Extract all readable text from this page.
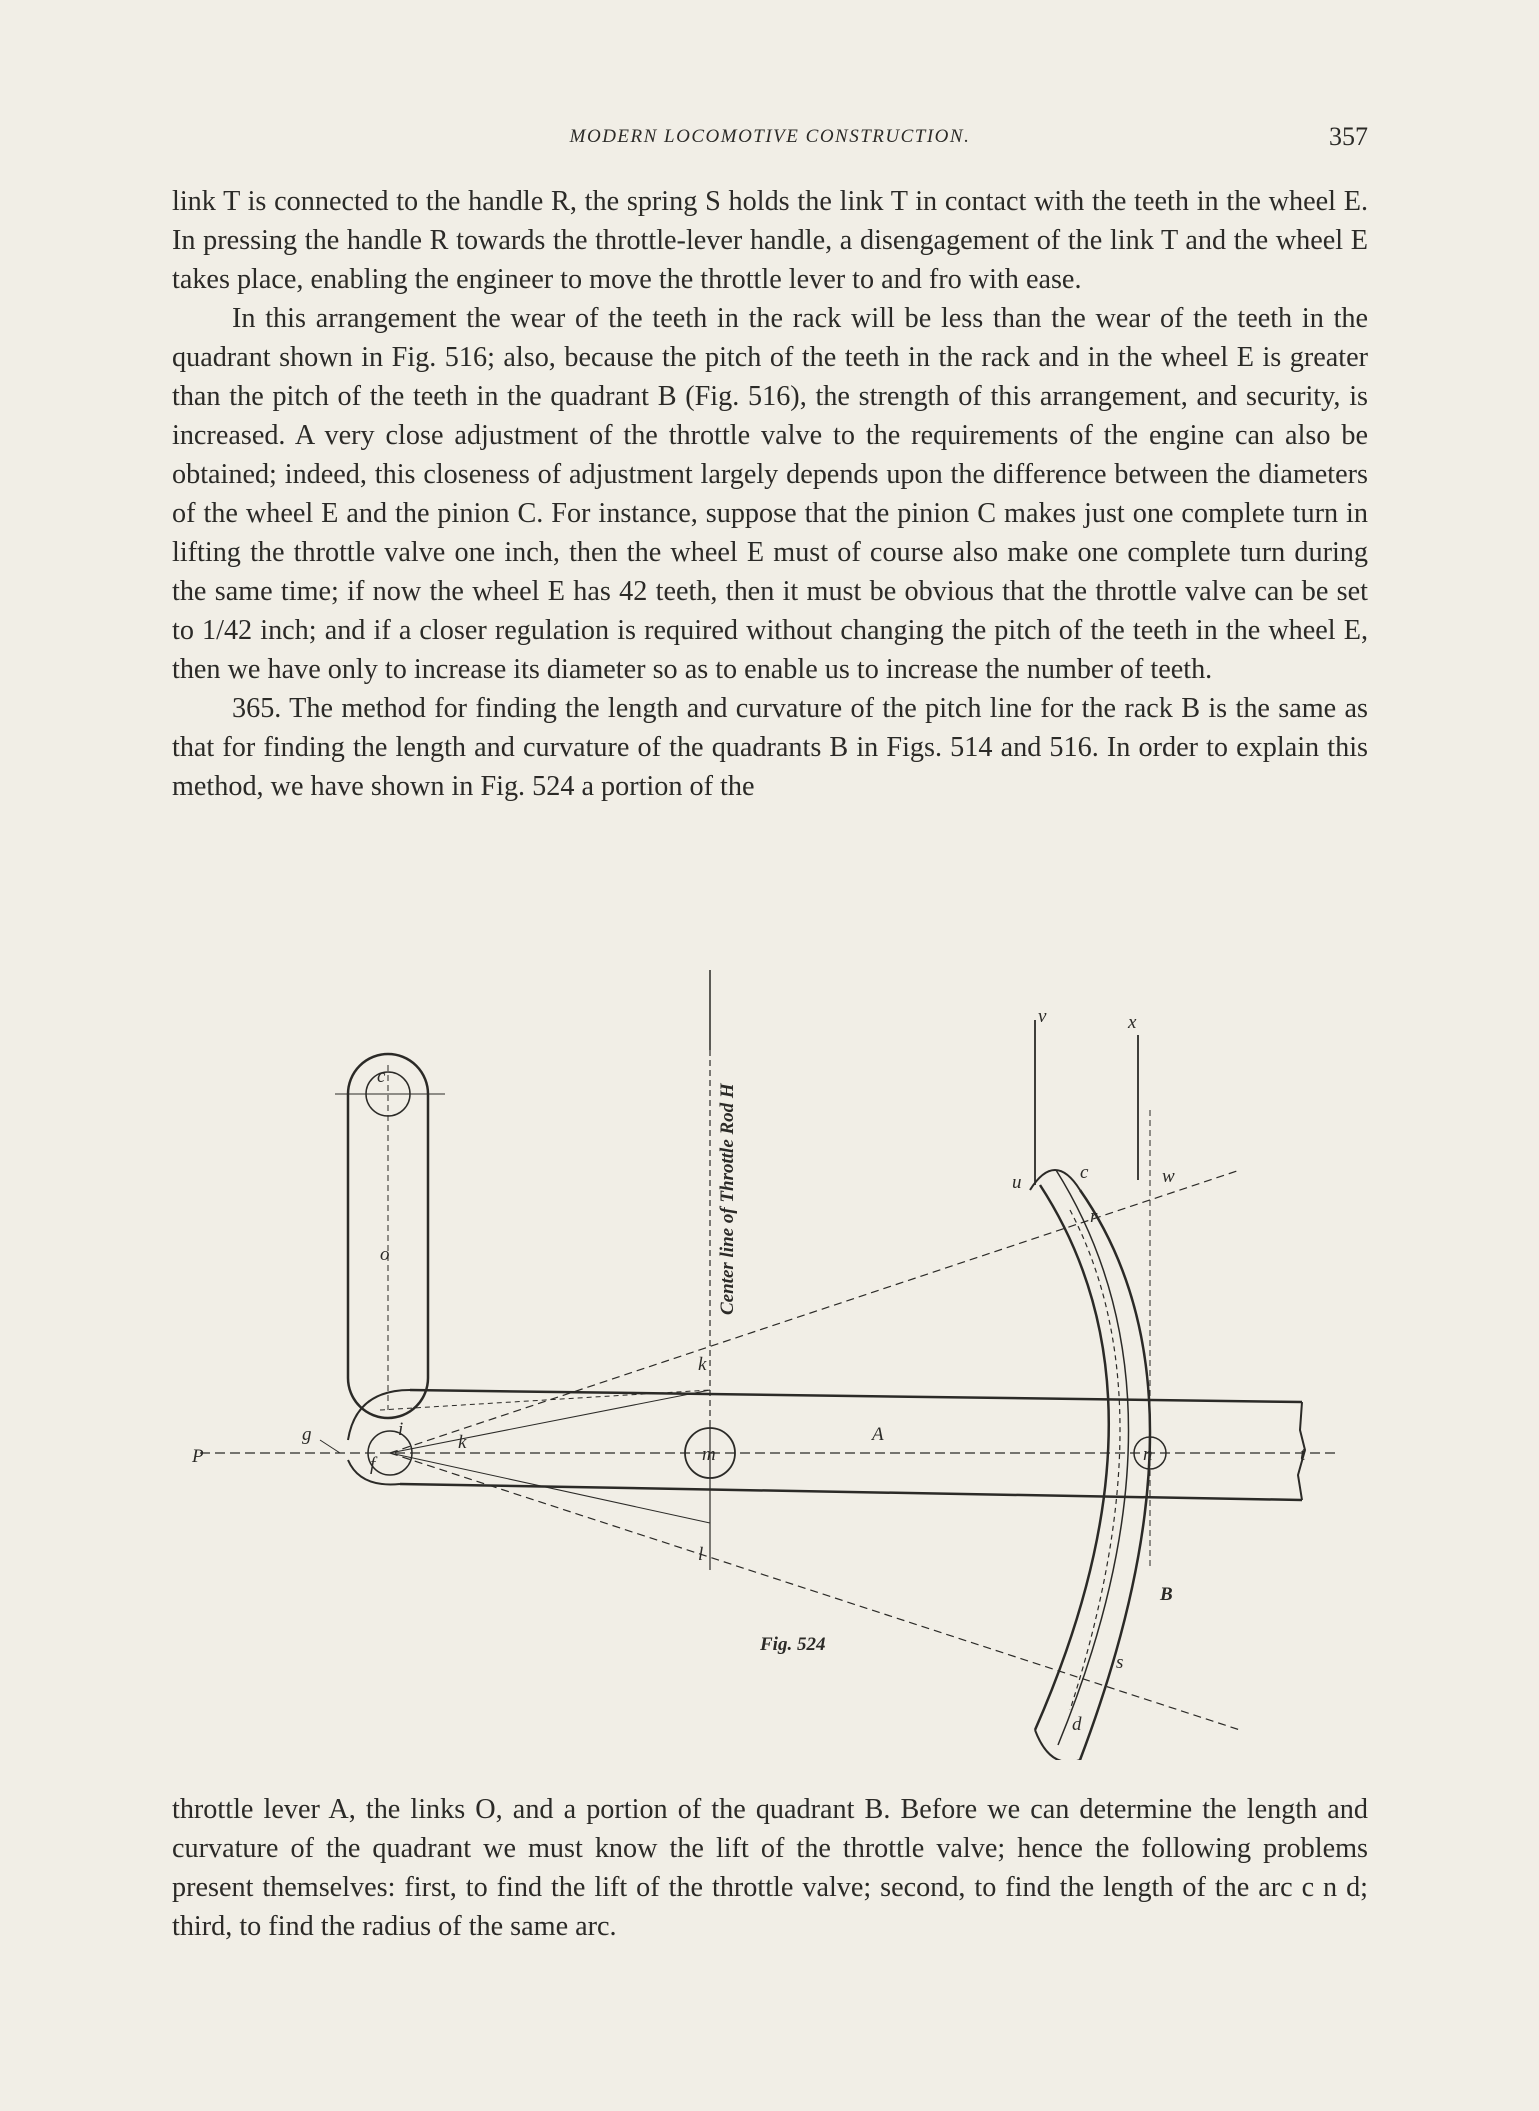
MODERN LOCOMOTIVE CONSTRUCTION.	357

link T is connected to the handle R, the spring S holds the link T in contact with the teeth in the wheel E. In pressing the handle R towards the throttle-lever handle, a disengagement of the link T and the wheel E takes place, enabling the engineer to move the throttle lever to and fro with ease.

In this arrangement the wear of the teeth in the rack will be less than the wear of the teeth in the quadrant shown in Fig. 516; also, because the pitch of the teeth in the rack and in the wheel E is greater than the pitch of the teeth in the quadrant B (Fig. 516), the strength of this arrangement, and security, is increased. A very close adjustment of the throttle valve to the requirements of the engine can also be obtained; indeed, this closeness of adjustment largely depends upon the difference between the diameters of the wheel E and the pinion C. For instance, suppose that the pinion C makes just one complete turn in lifting the throttle valve one inch, then the wheel E must of course also make one complete turn during the same time; if now the wheel E has 42 teeth, then it must be obvious that the throttle valve can be set to 1/42 inch; and if a closer regulation is required without changing the pitch of the teeth in the wheel E, then we have only to increase its diameter so as to enable us to increase the number of teeth.

365. The method for finding the length and curvature of the pitch line for the rack B is the same as that for finding the length and curvature of the quadrants B in Figs. 514 and 516. In order to explain this method, we have shown in Fig. 524 a portion of the

Center line of Throttle Rod H
c
o
g	i
f
k
k
l
m
A
P	n	t
v	x
u	w
c
r
B
s
d
Fig. 524

throttle lever A, the links O, and a portion of the quadrant B. Before we can determine the length and curvature of the quadrant we must know the lift of the throttle valve; hence the following problems present themselves: first, to find the lift of the throttle valve; second, to find the length of the arc c n d; third, to find the radius of the same arc.
